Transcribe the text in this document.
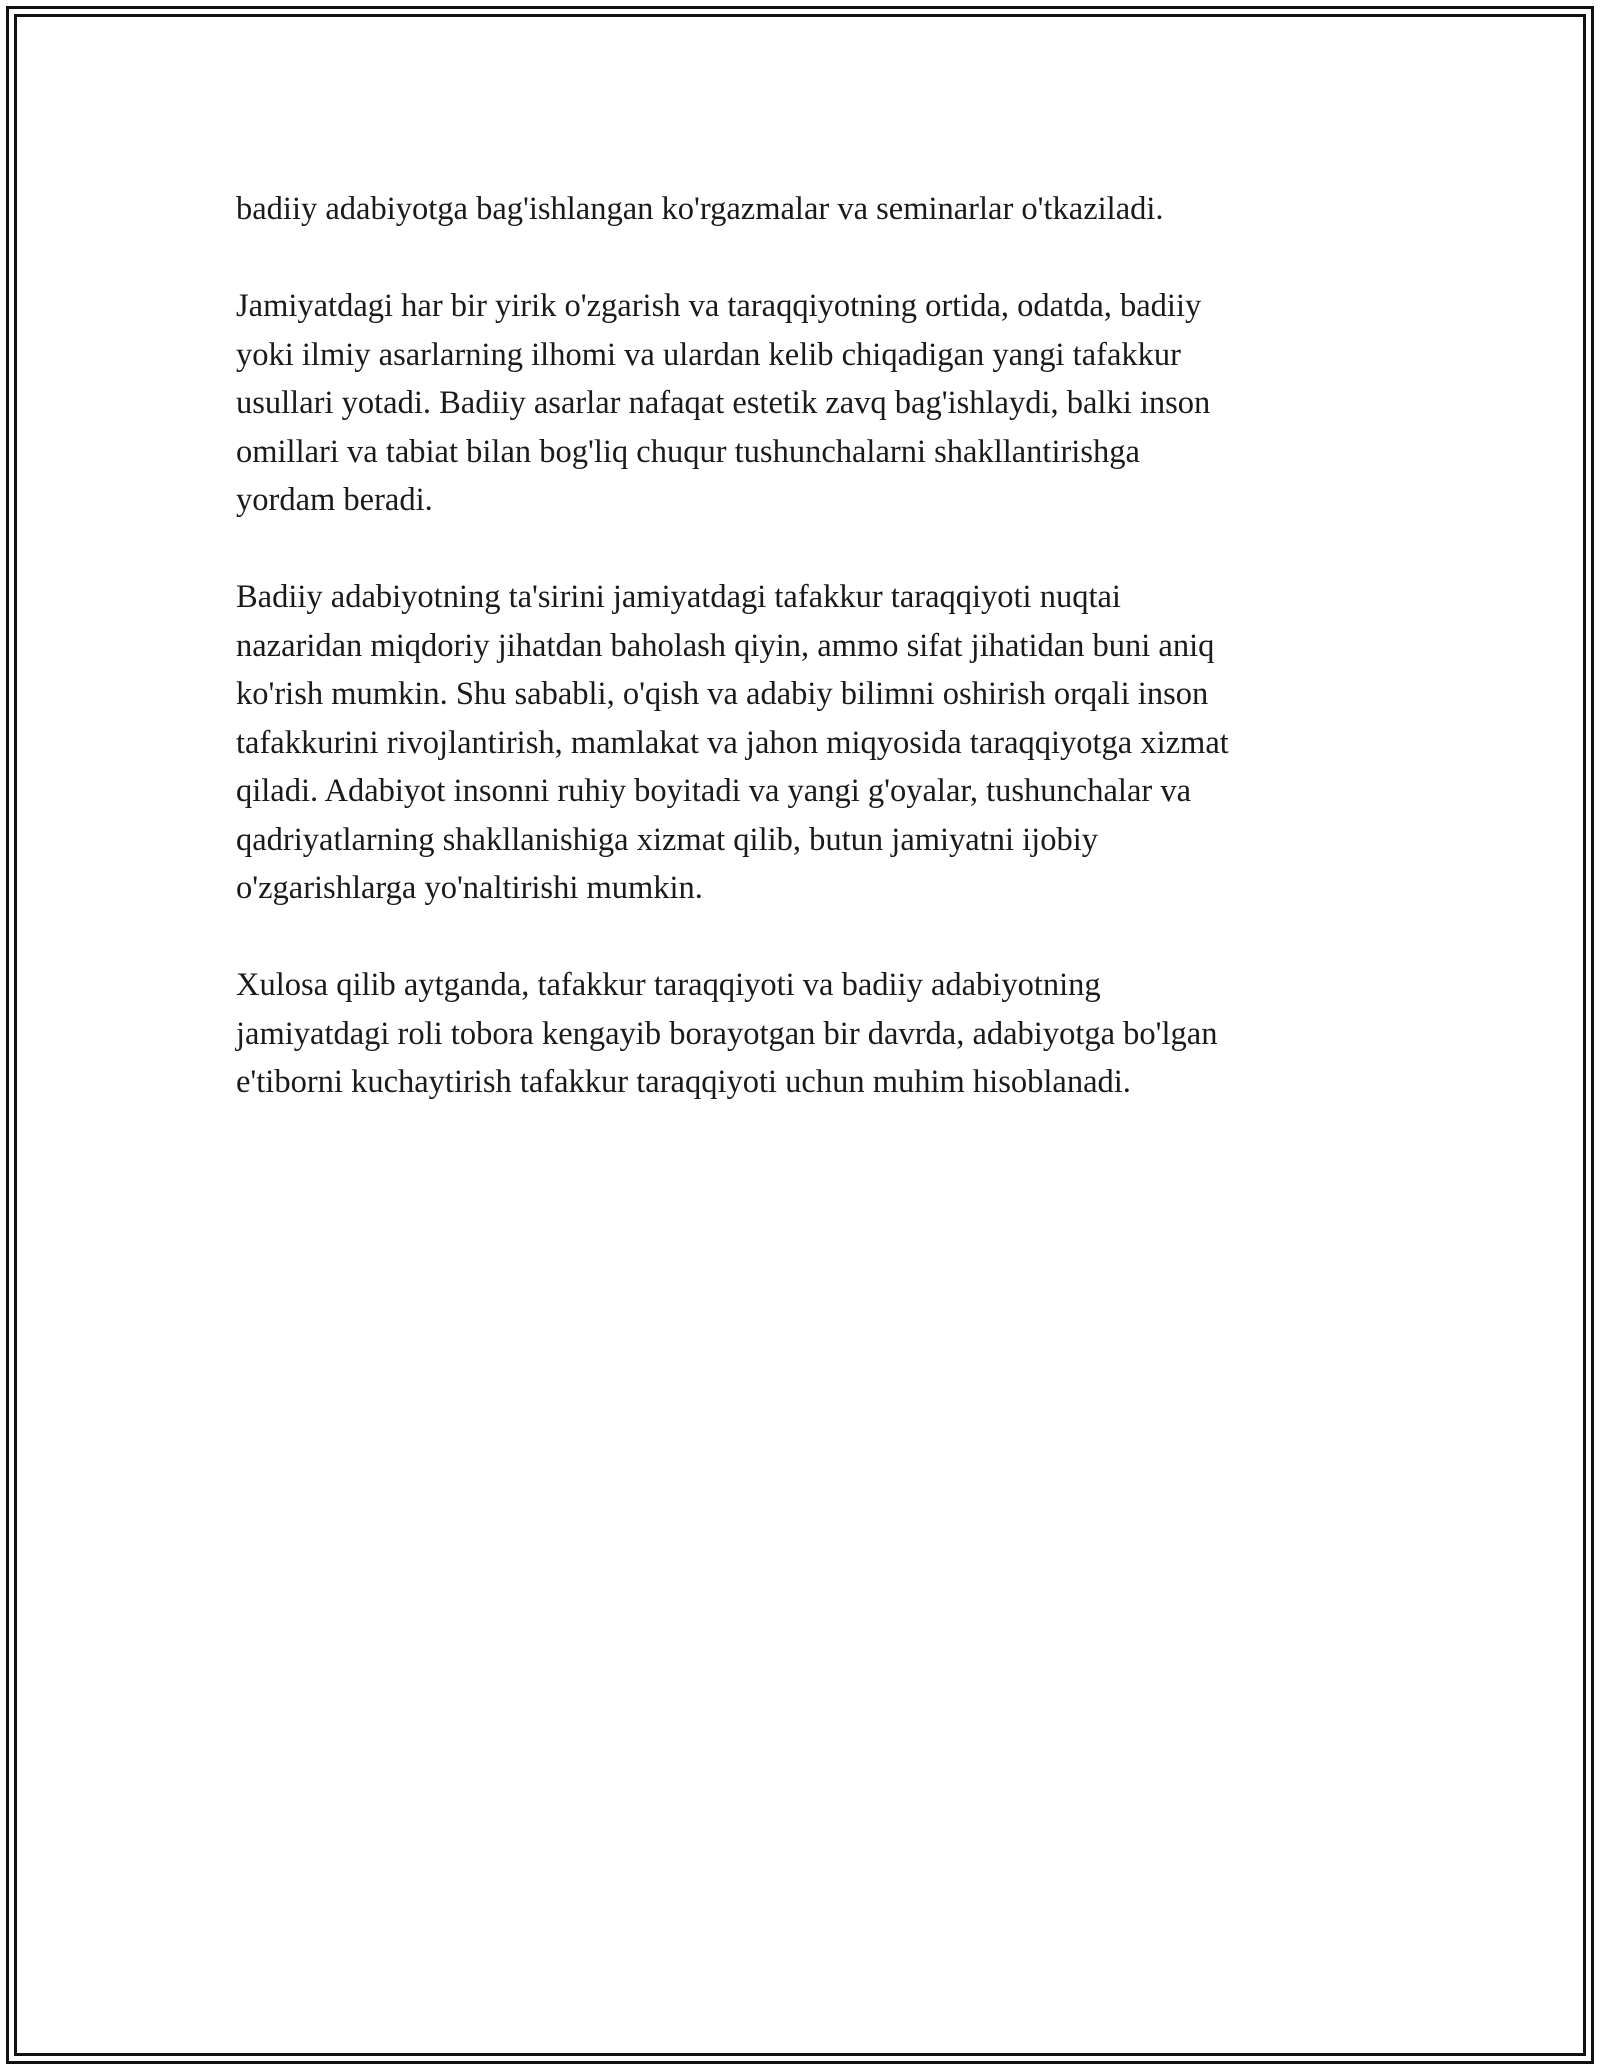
badiiy adabiyotga bag'ishlangan ko'rgazmalar va seminarlar o'tkaziladi.

Jamiyatdagi har bir yirik o'zgarish va taraqqiyotning ortida, odatda, badiiy
yoki ilmiy asarlarning ilhomi va ulardan kelib chiqadigan yangi tafakkur
usullari yotadi. Badiiy asarlar nafaqat estetik zavq bag'ishlaydi, balki inson
omillari va tabiat bilan bog'liq chuqur tushunchalarni shakllantirishga
yordam beradi.

Badiiy adabiyotning ta'sirini jamiyatdagi tafakkur taraqqiyoti nuqtai
nazaridan miqdoriy jihatdan baholash qiyin, ammo sifat jihatidan buni aniq
ko'rish mumkin. Shu sababli, o'qish va adabiy bilimni oshirish orqali inson
tafakkurini rivojlantirish, mamlakat va jahon miqyosida taraqqiyotga xizmat
qiladi. Adabiyot insonni ruhiy boyitadi va yangi g'oyalar, tushunchalar va
qadriyatlarning shakllanishiga xizmat qilib, butun jamiyatni ijobiy
o'zgarishlarga yo'naltirishi mumkin.

Xulosa qilib aytganda, tafakkur taraqqiyoti va badiiy adabiyotning
jamiyatdagi roli tobora kengayib borayotgan bir davrda, adabiyotga bo'lgan
e'tiborni kuchaytirish tafakkur taraqqiyoti uchun muhim hisoblanadi.
